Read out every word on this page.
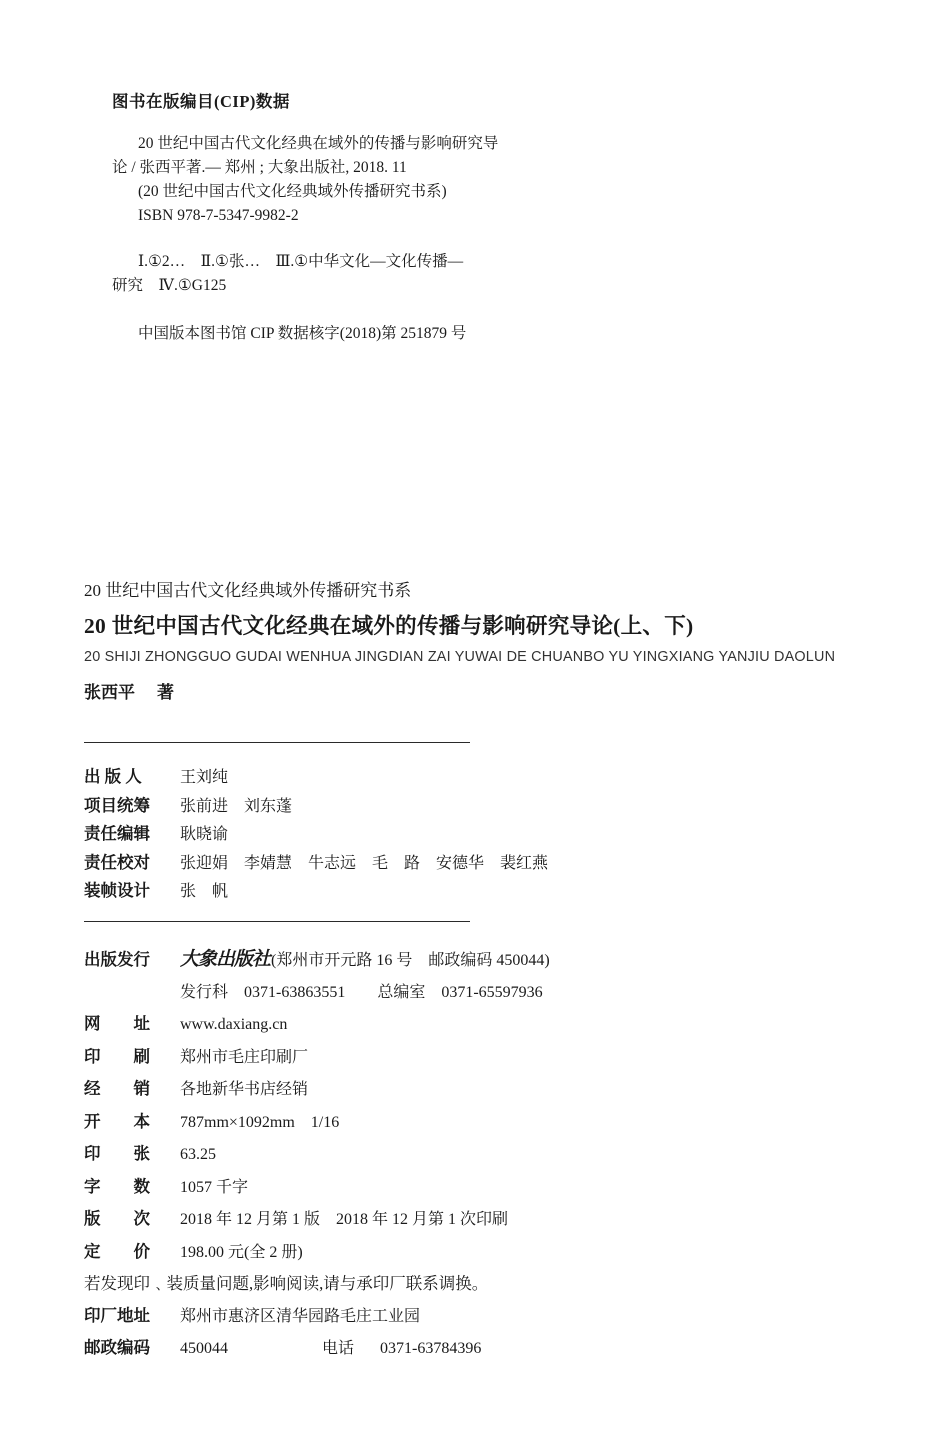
图书在版编目(CIP)数据
20 世纪中国古代文化经典在域外的传播与影响研究导
论 / 张西平著.— 郑州 ; 大象出版社, 2018. 11
(20 世纪中国古代文化经典域外传播研究书系)
ISBN 978-7-5347-9982-2
Ⅰ.①2…　Ⅱ.①张…　Ⅲ.①中华文化—文化传播—
研究　Ⅳ.①G125
中国版本图书馆 CIP 数据核字(2018)第 251879 号
20 世纪中国古代文化经典域外传播研究书系
20 世纪中国古代文化经典在域外的传播与影响研究导论(上、下)
20 SHIJI ZHONGGUO GUDAI WENHUA JINGDIAN ZAI YUWAI DE CHUANBO YU YINGXIANG YANJIU DAOLUN
张西平 著
出 版 人	王刘纯
项目统筹	张前进　刘东蓬
责任编辑	耿晓谕
责任校对	张迎娟　李婧慧　牛志远　毛　路　安德华　裴红燕
装帧设计	张　帆
出版发行	大象出版社(郑州市开元路 16 号　邮政编码 450044)
发行科　0371-63863551　　总编室　0371-65597936
网　　址	www.daxiang.cn
印　　刷	郑州市毛庄印刷厂
经　　销	各地新华书店经销
开　　本	787mm×1092mm　1/16
印　　张	63.25
字　　数	1057 千字
版　　次	2018 年 12 月第 1 版　2018 年 12 月第 1 次印刷
定　　价	198.00 元(全 2 册)
若发现印﹑装质量问题,影响阅读,请与承印厂联系调换。
印厂地址	郑州市惠济区清华园路毛庄工业园
邮政编码	450044	电话 0371-63784396
